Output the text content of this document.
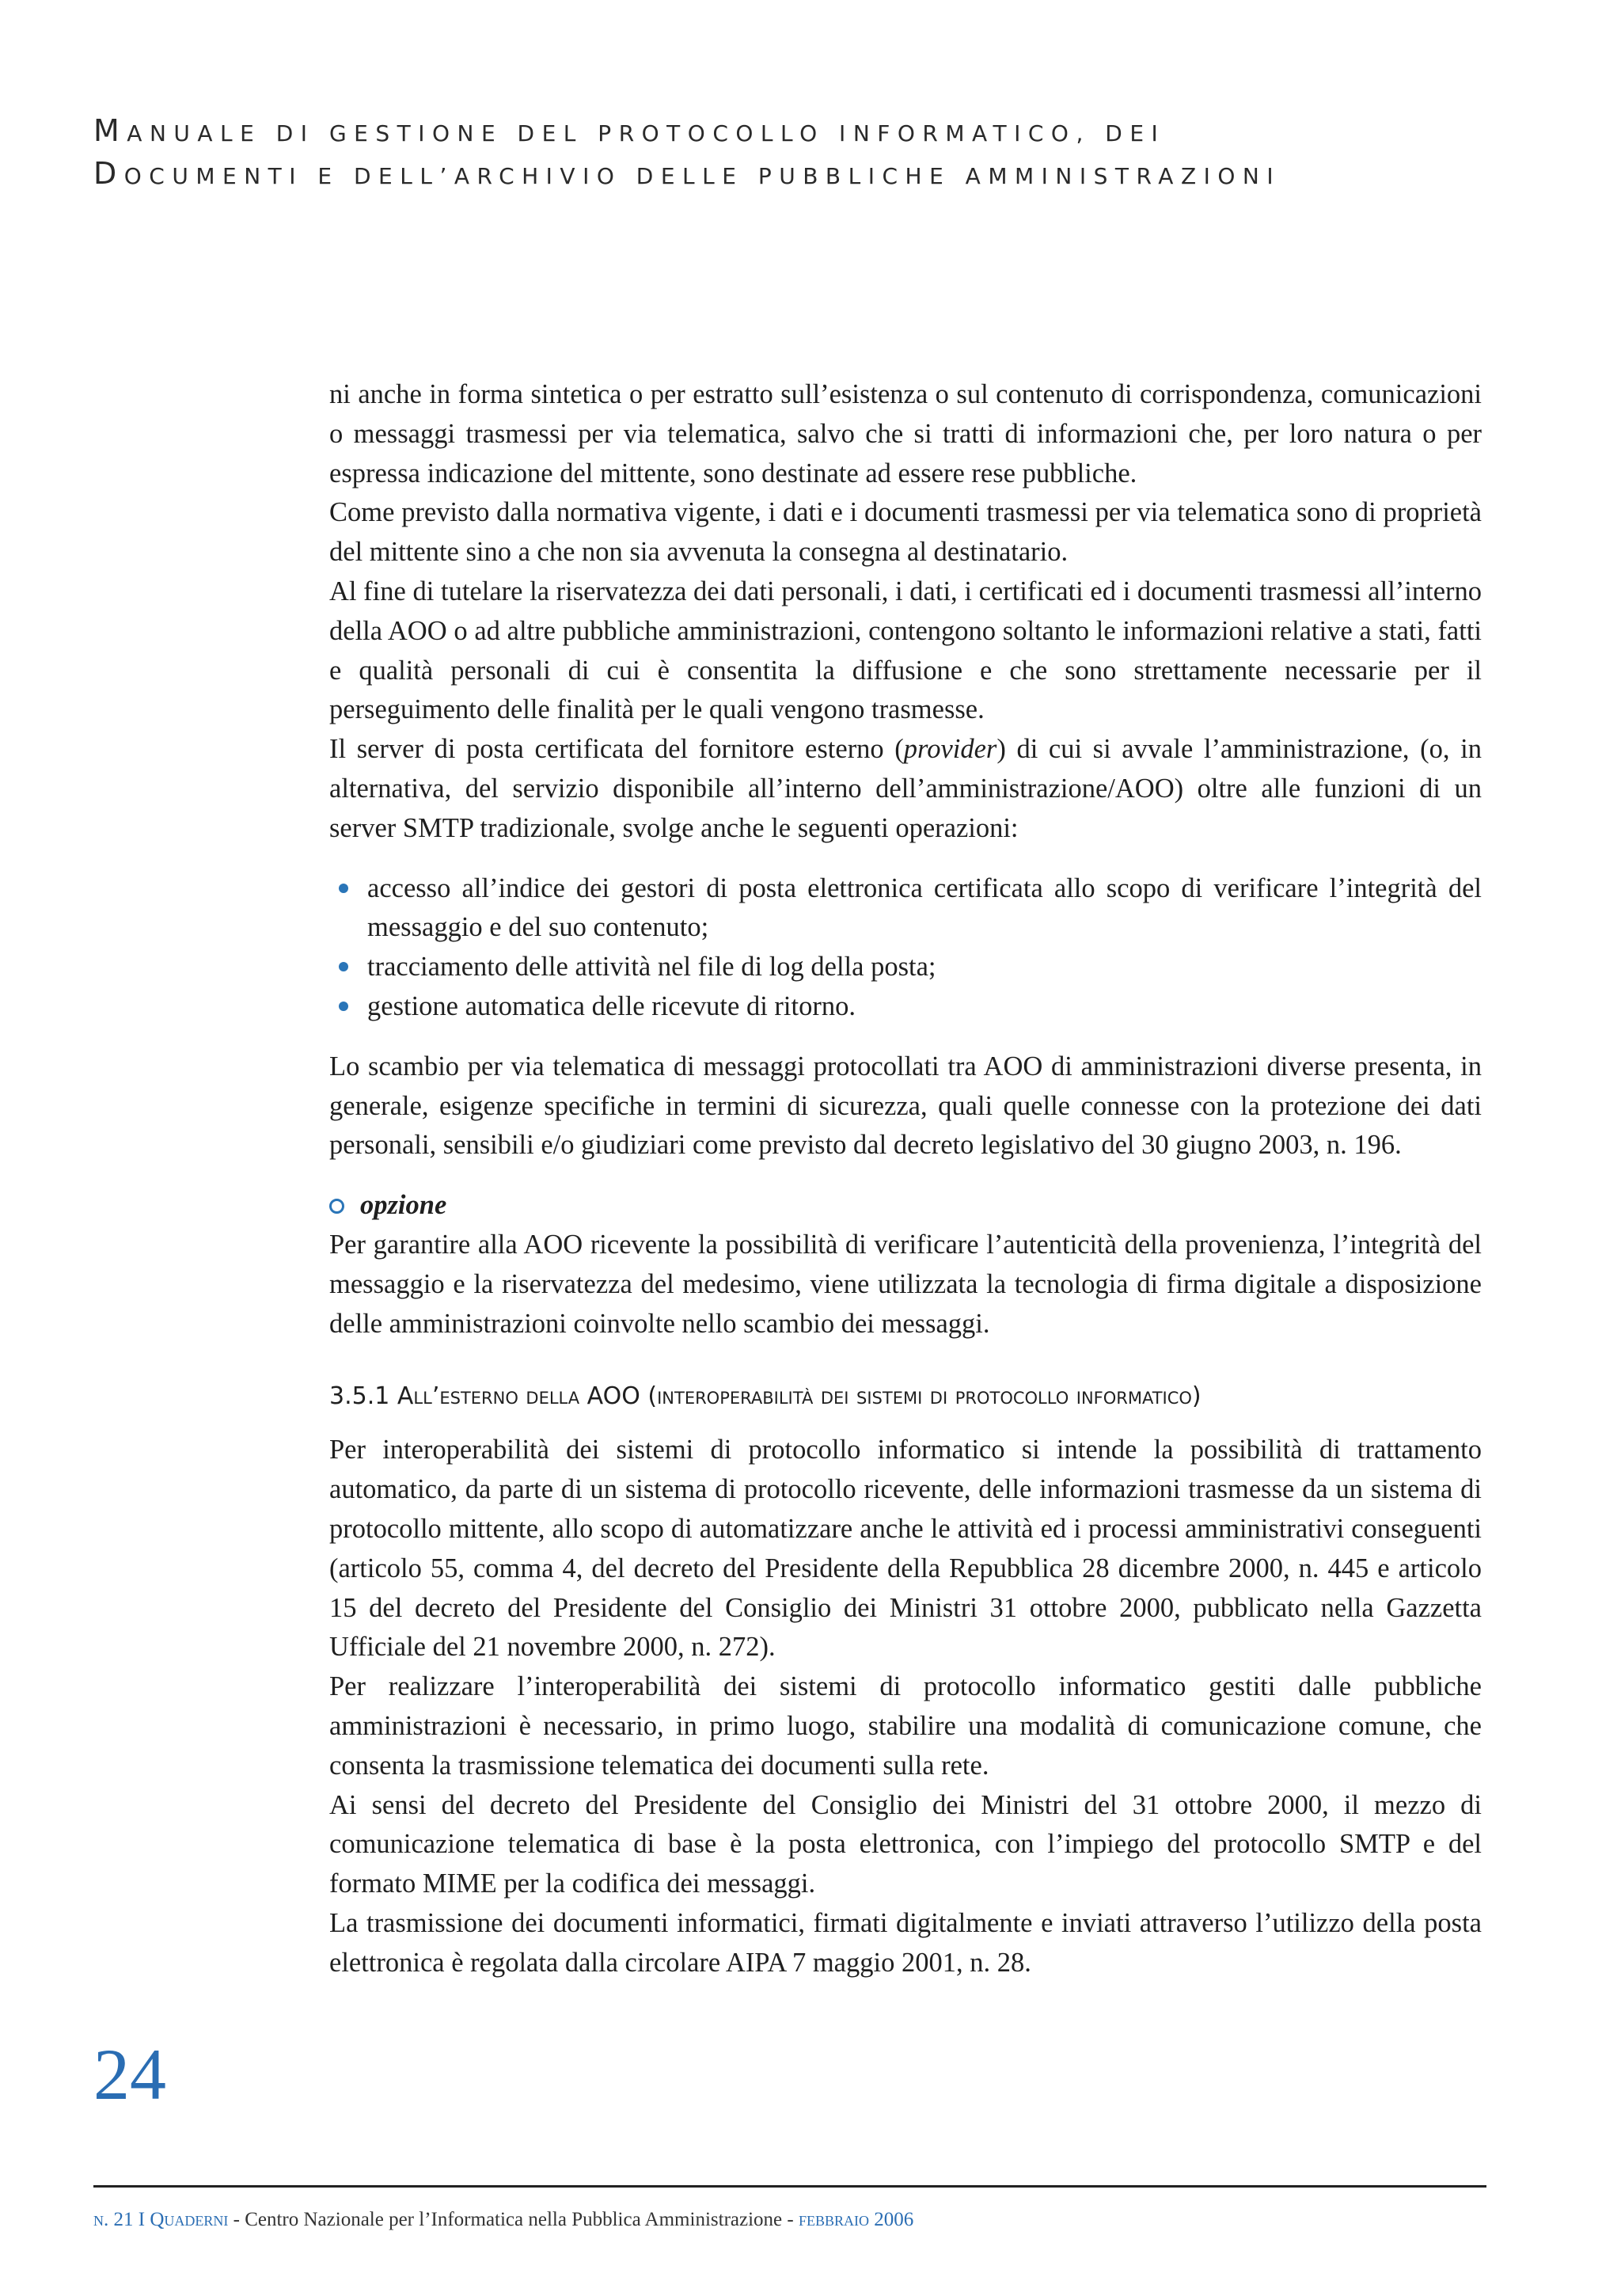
MANUALE DI GESTIONE DEL PROTOCOLLO INFORMATICO, DEI
DOCUMENTI E DELL’ARCHIVIO DELLE PUBBLICHE AMMINISTRAZIONI

ni anche in forma sintetica o per estratto sull’esistenza o sul contenuto di corrispondenza, comunicazioni o messaggi trasmessi per via telematica, salvo che si tratti di informazioni che, per loro natura o per espressa indicazione del mittente, sono destinate ad essere rese pubbliche.

Come previsto dalla normativa vigente, i dati e i documenti trasmessi per via telematica sono di proprietà del mittente sino a che non sia avvenuta la consegna al destinatario.

Al fine di tutelare la riservatezza dei dati personali, i dati, i certificati ed i documenti trasmessi all’interno della AOO o ad altre pubbliche amministrazioni, contengono soltanto le informazioni relative a stati, fatti e qualità personali di cui è consentita la diffusione e che sono strettamente necessarie per il perseguimento delle finalità per le quali vengono trasmesse.

Il server di posta certificata del fornitore esterno (provider) di cui si avvale l’amministrazione, (o, in alternativa, del servizio disponibile all’interno dell’amministrazione/AOO) oltre alle funzioni di un server SMTP tradizionale, svolge anche le seguenti operazioni:

accesso all’indice dei gestori di posta elettronica certificata allo scopo di verificare l’integrità del messaggio e del suo contenuto;
tracciamento delle attività nel file di log della posta;
gestione automatica delle ricevute di ritorno.

Lo scambio per via telematica di messaggi protocollati tra AOO di amministrazioni diverse presenta, in generale, esigenze specifiche in termini di sicurezza, quali quelle connesse con la protezione dei dati personali, sensibili e/o giudiziari come previsto dal decreto legislativo del 30 giugno 2003, n. 196.

opzione

Per garantire alla AOO ricevente la possibilità di verificare l’autenticità della provenienza, l’integrità del messaggio e la riservatezza del medesimo, viene utilizzata la tecnologia di firma digitale a disposizione delle amministrazioni coinvolte nello scambio dei messaggi.

3.5.1 All’esterno della AOO (interoperabilità dei sistemi di protocollo informatico)

Per interoperabilità dei sistemi di protocollo informatico si intende la possibilità di trattamento automatico, da parte di un sistema di protocollo ricevente, delle informazioni trasmesse da un sistema di protocollo mittente, allo scopo di automatizzare anche le attività ed i processi amministrativi conseguenti (articolo 55, comma 4, del decreto del Presidente della Repubblica 28 dicembre 2000, n. 445 e articolo 15 del decreto del Presidente del Consiglio dei Ministri 31 ottobre 2000, pubblicato nella Gazzetta Ufficiale del 21 novembre 2000, n. 272).

Per realizzare l’interoperabilità dei sistemi di protocollo informatico gestiti dalle pubbliche amministrazioni è necessario, in primo luogo, stabilire una modalità di comunicazione comune, che consenta la trasmissione telematica dei documenti sulla rete.

Ai sensi del decreto del Presidente del Consiglio dei Ministri del 31 ottobre 2000, il mezzo di comunicazione telematica di base è la posta elettronica, con l’impiego del protocollo SMTP e del formato MIME per la codifica dei messaggi.

La trasmissione dei documenti informatici, firmati digitalmente e inviati attraverso l’utilizzo della posta elettronica è regolata dalla circolare AIPA 7 maggio 2001, n. 28.

24
n. 21 I Quaderni - Centro Nazionale per l’Informatica nella Pubblica Amministrazione - febbraio 2006
